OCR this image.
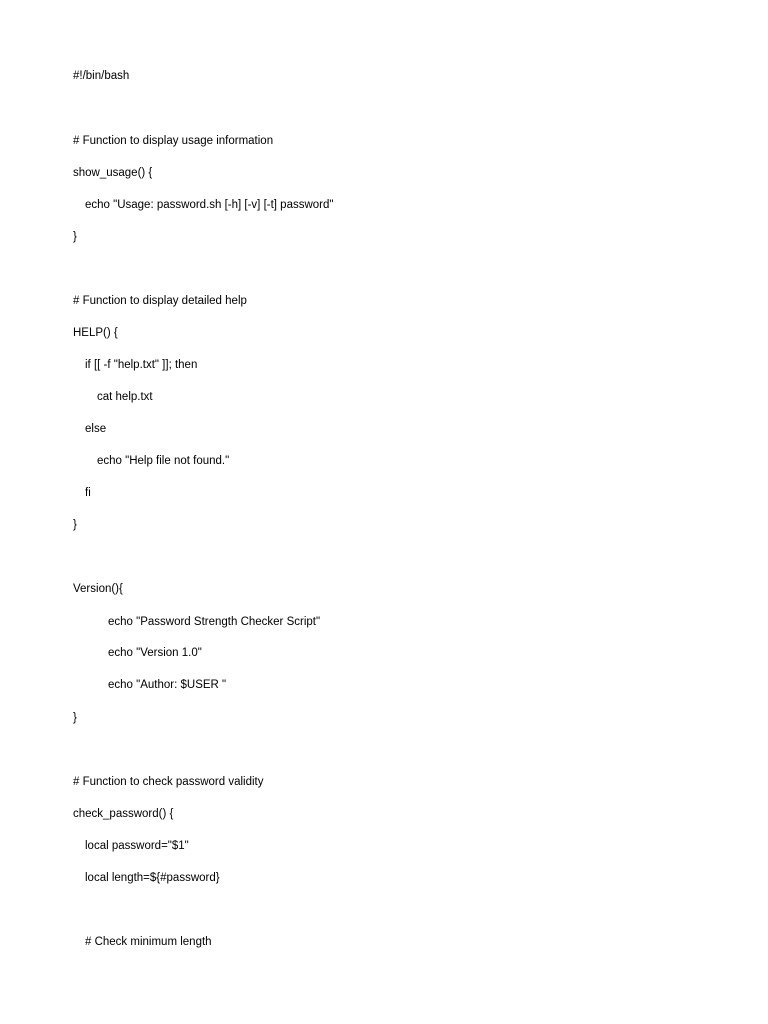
#!/bin/bash
# Function to display usage information
show_usage() {
echo "Usage: password.sh [-h] [-v] [-t] password"
}
# Function to display detailed help
HELP() {
if [[ -f "help.txt" ]]; then
cat help.txt
else
echo "Help file not found."
fi
}
Version(){
echo "Password Strength Checker Script"
echo "Version 1.0"
echo "Author: $USER "
}
# Function to check password validity
check_password() {
local password="$1"
local length=${#password}
# Check minimum length
